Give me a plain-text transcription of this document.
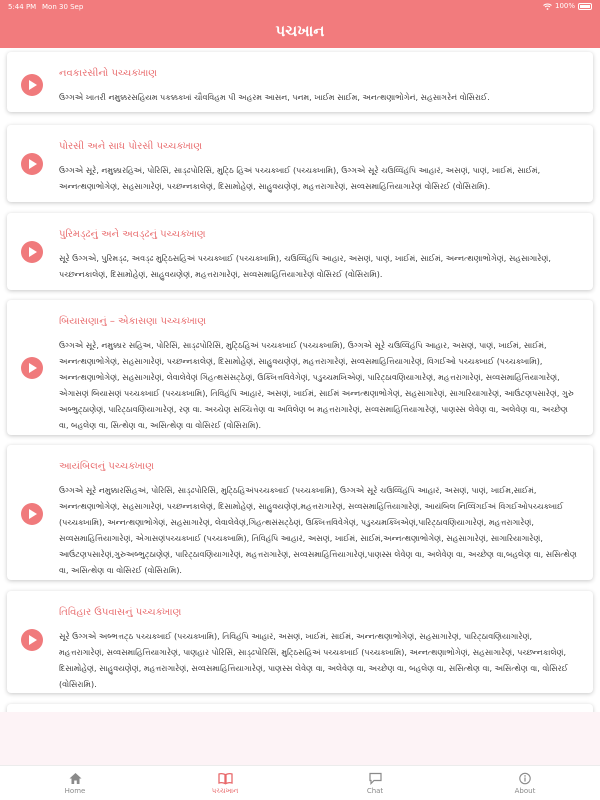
5:44 PM Mon 30 Sep	100%
પચખાન
નવકારસીનો પચ્ચક્ખાણ
ઉગ્ગએ ખાતરી નમુક્કરસહિયમ પકક્કક્ખાં ચૌવવિહમ પી અહરમ આસન, પનમ, ખાઈમ સાઈમ, અનત્થણાભોગેનં, સહસાગરેનં વોસિરાઈ.
પોરસી અને સાધ પોરસી પચ્ચક્ખાણ
ઉગ્ગએ સૂરે, નમુક્કારહિઅં, પોરિસિં, સાડ્ઢપોરિસિં, મુટ્ઠિ હિઅં પચ્ચક્ખાઈ (પચ્ચક્ખામિ), ઉગ્ગએ સૂરે ચઉવ્વિહંપિ આહારં, અસણં, પાણં, ખાઈમં, સાઈમં, અન્નત્થણાભોગેણં, સહસાગારેણં, પચ્છન્નકાલેણં, દિસામોહેણં, સાહુવયણેણં, મહત્તરાગારેણં, સવ્વસમાહિત્તિયાગારેણં વોસિરઈ (વોસિરામિ).
પુરિમડ્ઢનું અને અવડ્ઢનું પચ્ચક્ખાણ
સૂરે ઉગ્ગએ, પુરિમડ્ઢ, અવડ્ઢ મુટ્ઠિસહિઅં પચ્ચક્ખાઈ (પચ્ચક્ખામિ), ચઉવ્વિહંપિ આહાર, અસણં, પાણં, ખાઈમં, સાઈમં, અન્નત્થણાભોગેણં, સહસાગારેણં, પચ્છન્નકાલેણં, દિસામોહેણં, સાહુવયણેણં, મહત્તરાગારેણં, સવ્વસમાહિત્તિયાગારેણં વોસિરઈ (વોસિરામિ).
બિયાસણાનું – એકાસણા પચ્ચક્ખાણ
ઉગ્ગએ સૂરે, નમુક્કાર સહિઅ, પોરિસિં, સાડ્ઢપોરિસિં, મુટ્ઠિહિઅં પચ્ચક્ખાઈ (પચ્ચક્ખામિ), ઉગ્ગએ સૂરે ચઉવ્વિહંપિ આહાર, અસણં, પાણં, ખાઈમં, સાઈમં, અન્નત્થણાભોગેણં, સહસાગારેણં, પચ્છન્નકાલેણં, દિસામોહેણં, સાહુવયણેણં, મહત્તરાગારેણં, સવ્વસમાહિત્તિયાગારેણં, વિગઈઓ પચ્ચક્ખાઈ (પચ્ચક્ખામિ), અન્નત્થણાભોગેણં, સહસાગારેણં, લેવાલેવેણં ગિહત્થસંસટ્ઠેણં, ઉક્ખિત્તવિવેગેણં, પડુચ્ચમખિએણં, પારિટ્ઠાવણિયાગારેણં, મહત્તરાગારેણં, સવ્વસમાહિત્તિયાગારેણં, એગાસણં બિયાસણં પચ્ચક્ખાઈ (પચ્ચક્ખામિ), તિવિહંપિ આહારં, અસણં, ખાઈમં, સાઈમં અન્નત્થણાભોગેણં, સહસાગારેણં, સાગારિયાગારેણં, આઉંટણપસારેણં, ગુરુ અબ્ભુટ્ઠાણેણં, પારિટ્ઠાવણિયાગારેણં, રણ વા. અચ્ચેણ સચ્ચિત્તેણ વા અવિલેણ બ મહત્તરાગારેણં, સવ્વસમાહિત્તિયાગારેણં, પાણસ્સ લેવેણ વા, અલેવેણ વા, અચ્છેણ વા, બહલેણ વા, સિત્થેણ વા, અસિત્થેણ વા વોસિરઈ (વોસિરામિ).
આયંબિલનું પચ્ચક્ખાણ
ઉગ્ગએ સૂરે નમુક્કારસિહઅં, પોરિસિં, સાડ્ઢપોરિસિં, મુટ્ઠિહિઅંપચ્ચક્ખાઈ (પચ્ચક્ખામિ), ઉગ્ગએ સૂરે ચઉવ્વિહંપિ આહારં, અસણં, પાણં, ખાઈમ,સાઈમં, અન્નત્થણાભોગેણં, સહસાગારેણં, પચ્છન્નકાલેણં, દિસામોહેણં, સાહુવયણેણં,મહત્તરાગારેણં, સવ્વસમાહિત્તિયાગારેણં, આયંબિલ નિવ્વિગઈઅં વિગઈઓપચ્ચક્ખાઈ (પચ્ચક્ખામિ), અન્નત્થણાભોગેણં, સહસાગારેણં, લેવાલેવેણં,ગિહત્થસંસટ્ઠેણં, ઉક્ખિત્તવિવેગેણં, પડુચ્ચમક્ખિએણં,પારિટ્ઠાવણિયાગારેણં, મહત્તરાગારેણં, સવ્વસમાહિત્તિયાગારેણં, એગાસણંપચ્ચક્ખાઈ (પચ્ચક્ખામિ), તિવિહંપિ આહારં, અસણં, ખાઈમં, સાઈમં,અન્નત્થણાભોગેણં, સહસાગારેણં, સાગારિયાગારેણં, આઉંટણપસારેણં,ગુરુઅબ્ભુટ્ઠાણેણં, પારિટ્ઠાવણિયાગારેણં, મહત્તરાગારેણં, સવ્વસમાહિત્તિયાગારેણં,પાણસ્સ લેવેણ વા, અલેવેણ વા, અચ્છેણ વા,બહલેણ વા, સસિત્થેણ વા, અસિત્થેણ વા વોસિરઈ (વોસિરામિ).
તિવિહાર ઉપવાસનું પચ્ચક્ખાણ
સૂરે ઉગ્ગએ અબ્ભત્તટ્ઠ પચ્ચક્ખાઈ (પચ્ચક્ખામિ), તિવિહંપિ આહારં, અસણં, ખાઈમં, સાઈમં, અન્નત્થણાભોગેણં, સહસાગારેણં, પારિટ્ઠાવણિયાગારેણં, મહત્તરાગારેણં, સવ્વસમાહિત્તિયાગારેણં, પાણહાર પોરિસિં, સાડ્ઢપોરિસિં, મુટ્ઠિસહિઅં પચ્ચક્ખાઈ (પચ્ચક્ખામિ), અન્નત્થણાભોગેણં, સહસાગારેણં, પચ્છન્નકાલેણં, દિસામોહેણં, સાહુવયણેણં, મહત્તરાગારેણં, સવ્વસમાહિત્તિયાગારેણં, પાણસ્સ લેવેણ વા, અલેવેણ વા, અચ્છેણ વા, બહલેણ વા, સસિત્થેણ વા, અસિત્થેણ વા, વોસિરઈ (વોસિરામિ).
Home	પચ્ચખાન	Chat	About
